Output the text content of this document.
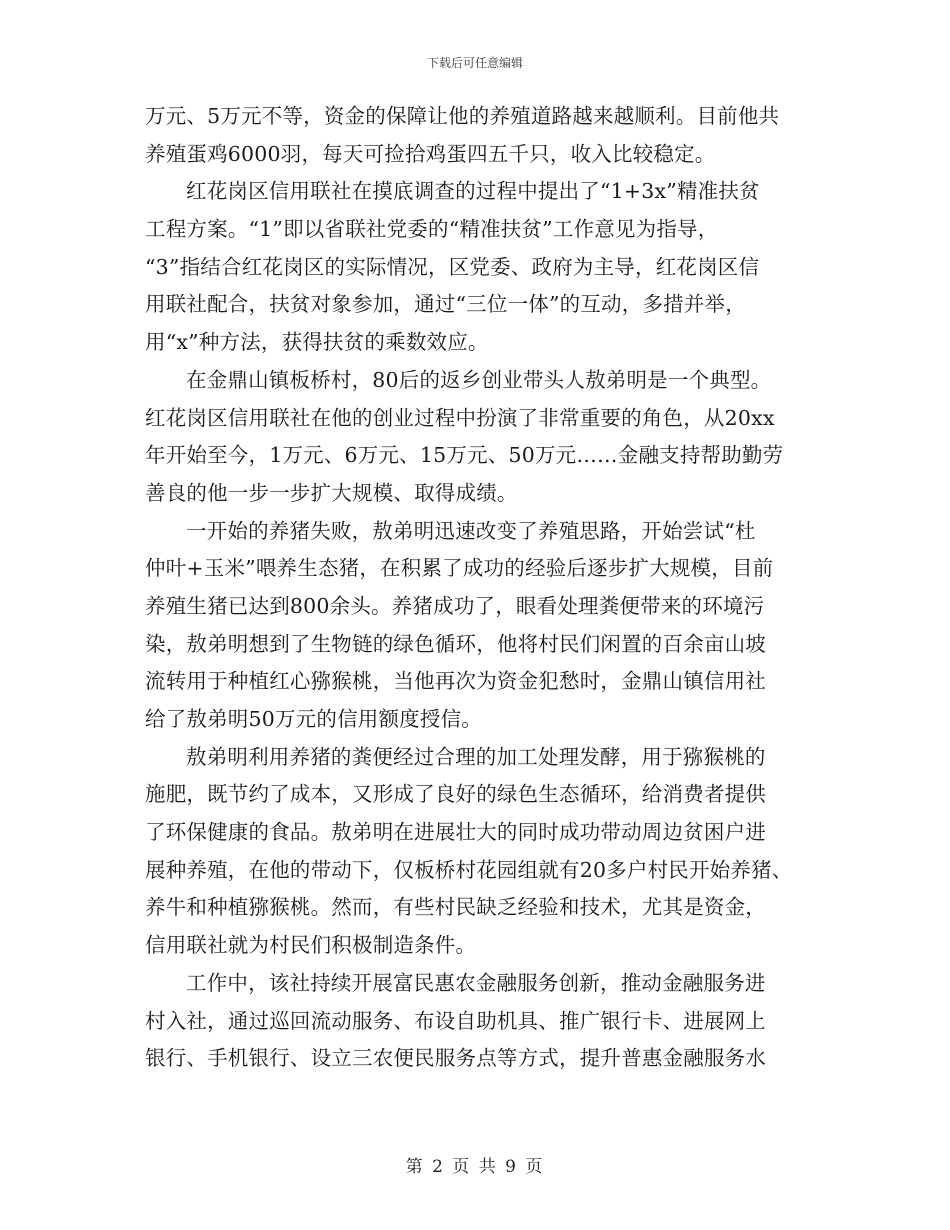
下载后可任意编辑
万元、5万元不等，资金的保障让他的养殖道路越来越顺利。目前他共
养殖蛋鸡6000羽，每天可捡拾鸡蛋四五千只，收入比较稳定。
红花岗区信用联社在摸底调查的过程中提出了“1+3x”精准扶贫
工程方案。“1”即以省联社党委的“精准扶贫”工作意见为指导，
“3”指结合红花岗区的实际情况，区党委、政府为主导，红花岗区信
用联社配合，扶贫对象参加，通过“三位一体”的互动，多措并举，
用“x”种方法，获得扶贫的乘数效应。
在金鼎山镇板桥村，80后的返乡创业带头人敖弟明是一个典型。
红花岗区信用联社在他的创业过程中扮演了非常重要的角色，从20xx
年开始至今，1万元、6万元、15万元、50万元……金融支持帮助勤劳
善良的他一步一步扩大规模、取得成绩。
一开始的养猪失败，敖弟明迅速改变了养殖思路，开始尝试“杜
仲叶+玉米”喂养生态猪，在积累了成功的经验后逐步扩大规模，目前
养殖生猪已达到800余头。养猪成功了，眼看处理粪便带来的环境污
染，敖弟明想到了生物链的绿色循环，他将村民们闲置的百余亩山坡
流转用于种植红心猕猴桃，当他再次为资金犯愁时，金鼎山镇信用社
给了敖弟明50万元的信用额度授信。
敖弟明利用养猪的粪便经过合理的加工处理发酵，用于猕猴桃的
施肥，既节约了成本，又形成了良好的绿色生态循环，给消费者提供
了环保健康的食品。敖弟明在进展壮大的同时成功带动周边贫困户进
展种养殖，在他的带动下，仅板桥村花园组就有20多户村民开始养猪、
养牛和种植猕猴桃。然而，有些村民缺乏经验和技术，尤其是资金，
信用联社就为村民们积极制造条件。
工作中，该社持续开展富民惠农金融服务创新，推动金融服务进
村入社，通过巡回流动服务、布设自助机具、推广银行卡、进展网上
银行、手机银行、设立三农便民服务点等方式，提升普惠金融服务水
第 2 页 共 9 页
